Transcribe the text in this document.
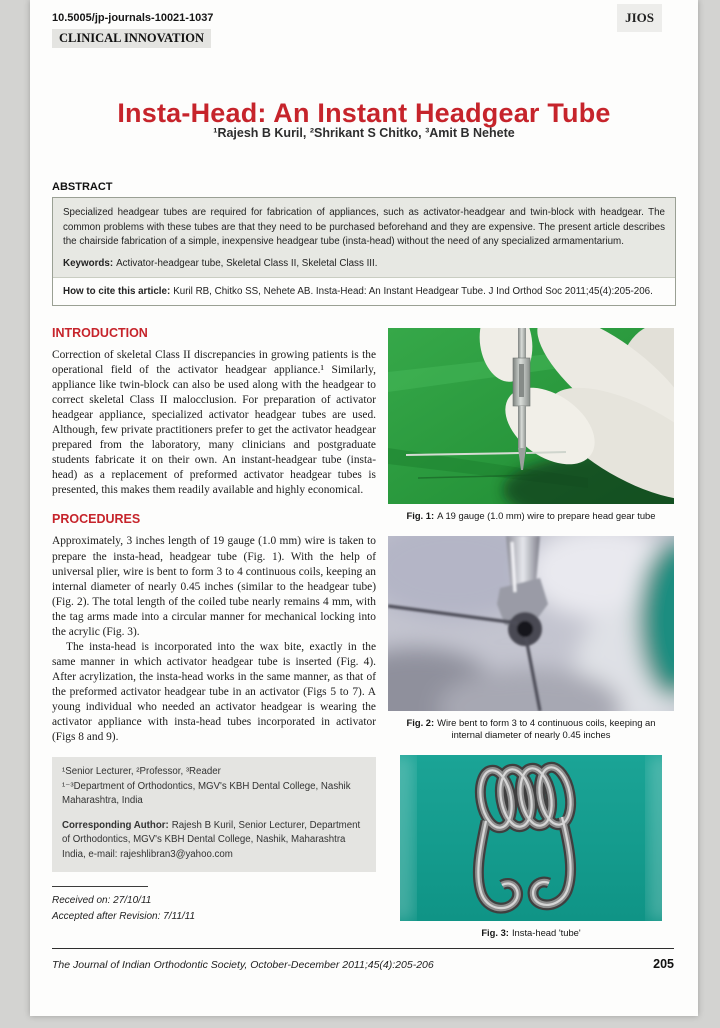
10.5005/jp-journals-10021-1037
CLINICAL INNOVATION
JIOS
Insta-Head: An Instant Headgear Tube
¹Rajesh B Kuril, ²Shrikant S Chitko, ³Amit B Nehete
ABSTRACT

Specialized headgear tubes are required for fabrication of appliances, such as activator-headgear and twin-block with headgear. The common problems with these tubes are that they need to be purchased beforehand and they are expensive. The present article describes the chairside fabrication of a simple, inexpensive headgear tube (insta-head) without the need of any specialized armamentarium.

Keywords: Activator-headgear tube, Skeletal Class II, Skeletal Class III.

How to cite this article: Kuril RB, Chitko SS, Nehete AB. Insta-Head: An Instant Headgear Tube. J Ind Orthod Soc 2011;45(4):205-206.

INTRODUCTION

Correction of skeletal Class II discrepancies in growing patients is the operational field of the activator headgear appliance.¹ Similarly, appliance like twin-block can also be used along with the headgear to correct skeletal Class II malocclusion. For preparation of activator headgear appliance, specialized activator headgear tubes are used. Although, few private practitioners prefer to get the activator headgear prepared from the laboratory, many clinicians and postgraduate students fabricate it on their own. An instant-headgear tube (insta-head) as a replacement of preformed activator headgear tubes is presented, this makes them readily available and highly economical.

PROCEDURES

Approximately, 3 inches length of 19 gauge (1.0 mm) wire is taken to prepare the insta-head, headgear tube (Fig. 1). With the help of universal plier, wire is bent to form 3 to 4 continuous coils, keeping an internal diameter of nearly 0.45 inches (similar to the headgear tube) (Fig. 2). The total length of the coiled tube nearly remains 4 mm, with the tag arms made into a circular manner for mechanical locking into the acrylic (Fig. 3).

The insta-head is incorporated into the wax bite, exactly in the same manner in which activator headgear tube is inserted (Fig. 4). After acrylization, the insta-head works in the same manner, as that of the preformed activator headgear tube in an activator (Figs 5 to 7). A young individual who needed an activator headgear is wearing the activator appliance with insta-head tubes incorporated in activator (Figs 8 and 9).

¹Senior Lecturer, ²Professor, ³Reader

¹⁻³Department of Orthodontics, MGV's KBH Dental College, Nashik Maharashtra, India

Corresponding Author: Rajesh B Kuril, Senior Lecturer, Department of Orthodontics, MGV's KBH Dental College, Nashik, Maharashtra India, e-mail: rajeshlibran3@yahoo.com

Received on: 27/10/11

Accepted after Revision: 7/11/11

Fig. 1: A 19 gauge (1.0 mm) wire to prepare head gear tube
Fig. 2: Wire bent to form 3 to 4 continuous coils, keeping an internal diameter of nearly 0.45 inches
Fig. 3: Insta-head 'tube'
The Journal of Indian Orthodontic Society, October-December 2011;45(4):205-206	205
